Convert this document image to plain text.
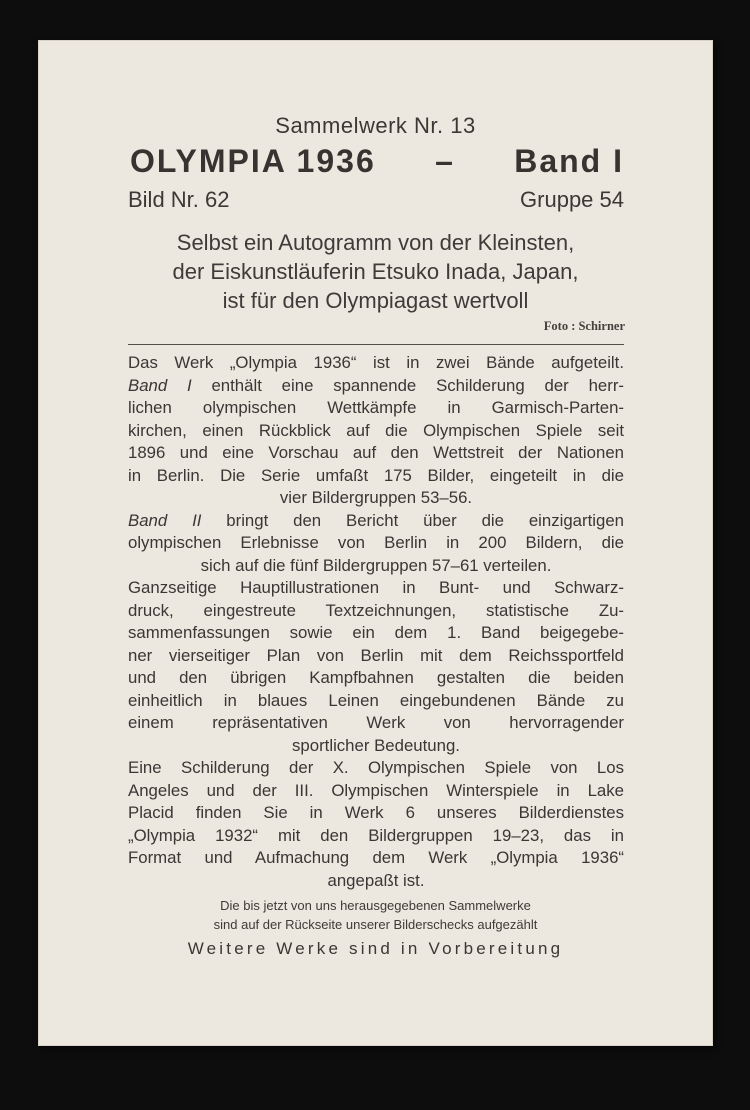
Sammelwerk Nr. 13
OLYMPIA 1936 – Band I
Bild Nr. 62	Gruppe 54
Selbst ein Autogramm von der Kleinsten,
der Eiskunstläuferin Etsuko Inada, Japan,
ist für den Olympiagast wertvoll
Foto : Schirner
Das Werk „Olympia 1936“ ist in zwei Bände aufgeteilt.
Band I enthält eine spannende Schilderung der herr-
lichen olympischen Wettkämpfe in Garmisch-Parten-
kirchen, einen Rückblick auf die Olympischen Spiele seit
1896 und eine Vorschau auf den Wettstreit der Nationen
in Berlin. Die Serie umfaßt 175 Bilder, eingeteilt in die
vier Bildergruppen 53–56.
Band II bringt den Bericht über die einzigartigen
olympischen Erlebnisse von Berlin in 200 Bildern, die
sich auf die fünf Bildergruppen 57–61 verteilen.
Ganzseitige Hauptillustrationen in Bunt- und Schwarz-
druck, eingestreute Textzeichnungen, statistische Zu-
sammenfassungen sowie ein dem 1. Band beigegebe-
ner vierseitiger Plan von Berlin mit dem Reichssportfeld
und den übrigen Kampfbahnen gestalten die beiden
einheitlich in blaues Leinen eingebundenen Bände zu
einem repräsentativen Werk von hervorragender
sportlicher Bedeutung.
Eine Schilderung der X. Olympischen Spiele von Los
Angeles und der III. Olympischen Winterspiele in Lake
Placid finden Sie in Werk 6 unseres Bilderdienstes
„Olympia 1932“ mit den Bildergruppen 19–23, das in
Format und Aufmachung dem Werk „Olympia 1936“
angepaßt ist.
Die bis jetzt von uns herausgegebenen Sammelwerke
sind auf der Rückseite unserer Bilderschecks aufgezählt
Weitere Werke sind in Vorbereitung
